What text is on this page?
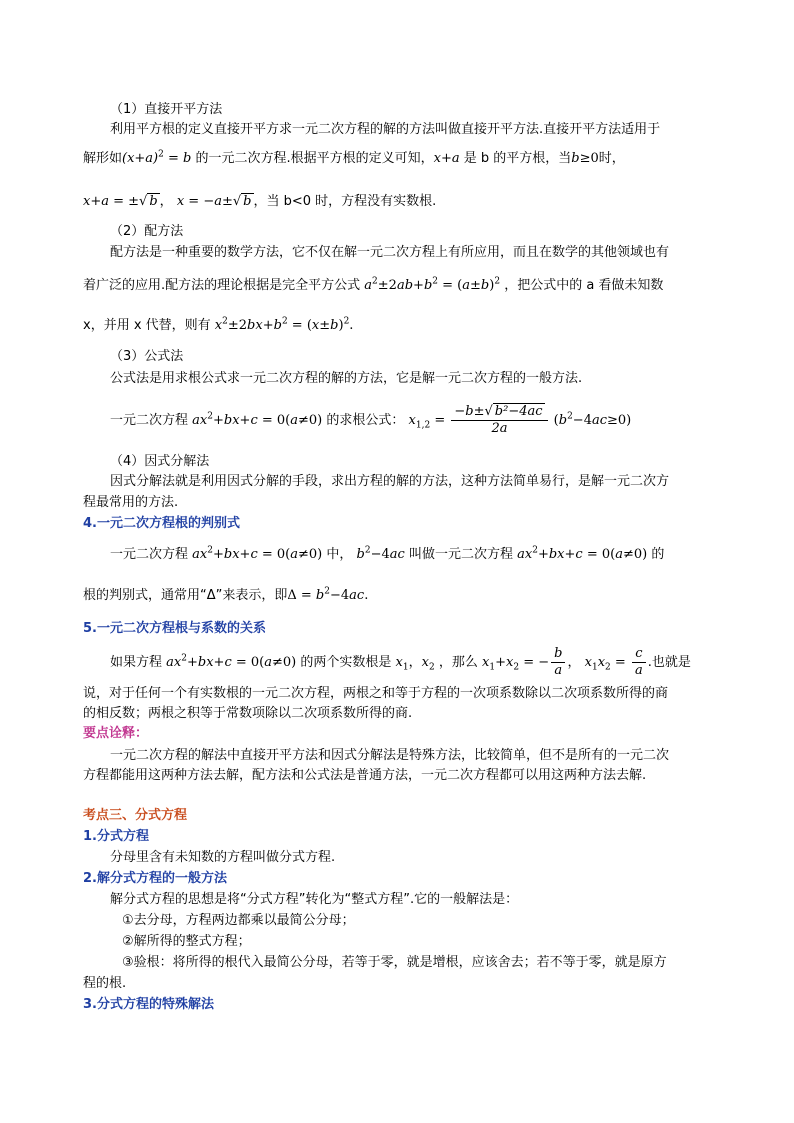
（1）直接开平方法
利用平方根的定义直接开平方求一元二次方程的解的方法叫做直接开平方法.直接开平方法适用于
解形如$(x+a)^2 = b$ 的一元二次方程.根据平方根的定义可知，x+a 是 b 的平方根，当b≥0时，
x+a = ±√ b ， x = −a±√ b ，当 b<0 时，方程没有实数根.
（2）配方法
配方法是一种重要的数学方法，它不仅在解一元二次方程上有所应用，而且在数学的其他领域也有
着广泛的应用.配方法的理论根据是完全平方公式 $a^2\pm 2ab+b^2 = (a\pm b)^2$ ，把公式中的 a 看做未知数
x，并用 x 代替，则有 $x^2\pm 2bx+b^2 = (x\pm b)^2$.
（3）公式法
公式法是用求根公式求一元二次方程的解的方法，它是解一元二次方程的一般方法.
一元二次方程 $ax^2+bx+c = 0(a\ne 0)$ 的求根公式： $x_{1,2} = \frac{\text{−b±√ b²−4ac}}{2a} (b^2-4ac\ge 0)$
（4）因式分解法
因式分解法就是利用因式分解的手段，求出方程的解的方法，这种方法简单易行，是解一元二次方
程最常用的方法.
4.一元二次方程根的判别式
一元二次方程 $ax^2+bx+c = 0(a\ne 0)$ 中， $b^2-4ac$ 叫做一元二次方程 $ax^2+bx+c = 0(a\ne 0)$ 的
根的判别式，通常用“Δ”来表示，即$\Delta = b^2-4ac$.
5.一元二次方程根与系数的关系
如果方程 $ax^2+bx+c = 0(a\ne 0)$ 的两个实数根是 $x_1$，$x_2$ ，那么 $x_1+x_2$ = − $\frac{b}{a}$ ， $x_1x_2 = \frac{c}{a}$ .也就是
说，对于任何一个有实数根的一元二次方程，两根之和等于方程的一次项系数除以二次项系数所得的商
的相反数；两根之积等于常数项除以二次项系数所得的商.
要点诠释：
一元二次方程的解法中直接开平方法和因式分解法是特殊方法，比较简单，但不是所有的一元二次
方程都能用这两种方法去解，配方法和公式法是普通方法，一元二次方程都可以用这两种方法去解.
考点三、分式方程
1.分式方程
分母里含有未知数的方程叫做分式方程.
2.解分式方程的一般方法
解分式方程的思想是将“分式方程”转化为“整式方程”.它的一般解法是：
①去分母，方程两边都乘以最简公分母；
②解所得的整式方程；
③验根：将所得的根代入最简公分母，若等于零，就是增根，应该舍去；若不等于零，就是原方
程的根.
3.分式方程的特殊解法
